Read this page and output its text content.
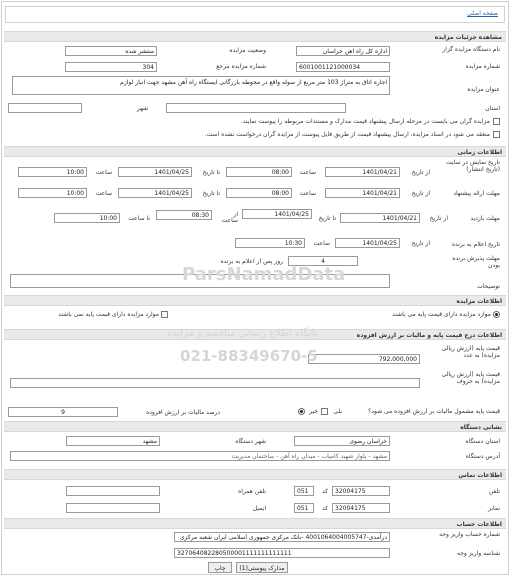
صفحه اصلی
مشاهده جزئیات مزایده
نام دستگاه مزایده گزار
اداره کل راه اهن خراسان
وضعیت مزایده
منتشر شده
شماره مزایده
6001001121000034
شماره مزایده مرجع
304
عنوان مزایده
اجاره اتاق به متراژ 103 متر مربع از سوله واقع در محوطه بازرگانی ایستگاه راه آهن مشهد جهت انبار لوازم
استان
شهر
مزایده گران می بایست در مرحله ارسال پیشنهاد قیمت مدارک و مستندات مربوطه را پیوست نمایند.
منعقد می شود در اسناد مزایده، ارسال پیشنهاد قیمت از طریق فایل پیوست از مزایده گران درخواست نشده است.
اطلاعات زمانی
تاریخ نمایش در سایت (تاریخ انتشار)
از تاریخ
1401/04/21
ساعت
08:00
تا تاریخ
1401/04/25
ساعت
10:00
مهلت ارائه پیشنهاد
از تاریخ
1401/04/21
ساعت
08:00
تا تاریخ
1401/04/25
ساعت
10:00
مهلت بازدید
از تاریخ
1401/04/21
تا تاریخ
1401/04/25
از ساعت
08:30
تا ساعت
10:00
تاریخ اعلام به برنده
از تاریخ
1401/04/25
ساعت
10:30
مهلت پذیرش برنده بودن
4
روز پس از اعلام به برنده
توضیحات
اطلاعات مزایده
موارد مزایده دارای قیمت پایه می باشند
موارد مزایده دارای قیمت پایه نمی باشند
اطلاعات درج قیمت پایه و مالیات بر ارزش افزوده
قیمت پایه (ارزش ریالی مزایده) به عدد
792,000,000
قیمت پایه (ارزش ریالی مزایده) به حروف
قیمت پایه مشمول مالیات بر ارزش افزوده می شود؟
بلی
خیر
درصد مالیات بر ارزش افزوده
9
نشانی دستگاه
استان دستگاه
خراسان رضوی
شهر دستگاه
مشهد
آدرس دستگاه
مشهد - بلوار شهید کامیاب - میدان راه آهن - ساختمان مدیریت
اطلاعات تماس
تلفن
32004175
کد
051
تلفن همراه
نمابر
32004175
کد
051
ایمیل
اطلاعات حساب
شماره حساب واریز وجه
درآمدی-4001064004005747 -بانک مرکزی جمهوری اسلامی ایران شعبه مرکزی
شناسه واریز وجه
327064082280500001111111111111
مدارک پیوستی(1)
چاپ
ParsNamadData
پایگاه اطلاع رسانی مناقصه و مزایده
021-88349670-5
